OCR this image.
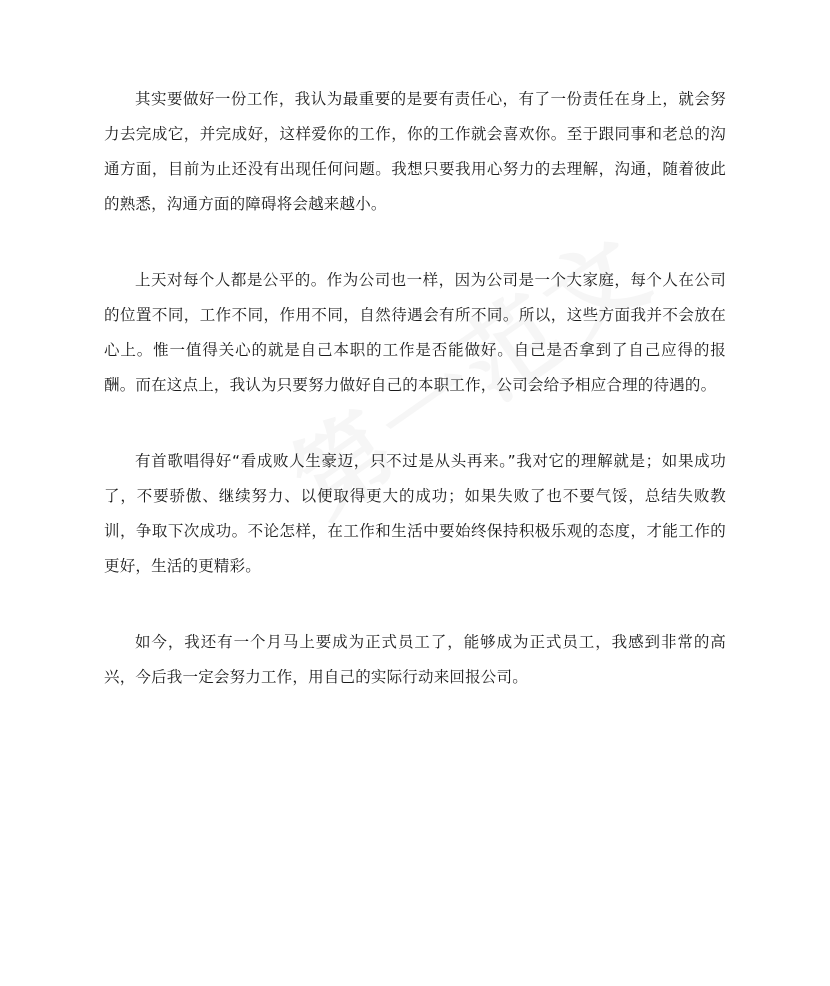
其实要做好一份工作，我认为最重要的是要有责任心，有了一份责任在身上，就会努力去完成它，并完成好，这样爱你的工作，你的工作就会喜欢你。至于跟同事和老总的沟通方面，目前为止还没有出现任何问题。我想只要我用心努力的去理解，沟通，随着彼此的熟悉，沟通方面的障碍将会越来越小。

上天对每个人都是公平的。作为公司也一样，因为公司是一个大家庭，每个人在公司的位置不同，工作不同，作用不同，自然待遇会有所不同。所以，这些方面我并不会放在心上。惟一值得关心的就是自己本职的工作是否能做好。自己是否拿到了自己应得的报酬。而在这点上，我认为只要努力做好自己的本职工作，公司会给予相应合理的待遇的。

有首歌唱得好“看成败人生豪迈，只不过是从头再来。”我对它的理解就是；如果成功了，不要骄傲、继续努力、以便取得更大的成功；如果失败了也不要气馁，总结失败教训，争取下次成功。不论怎样，在工作和生活中要始终保持积极乐观的态度，才能工作的更好，生活的更精彩。

如今，我还有一个月马上要成为正式员工了，能够成为正式员工，我感到非常的高兴，今后我一定会努力工作，用自己的实际行动来回报公司。
